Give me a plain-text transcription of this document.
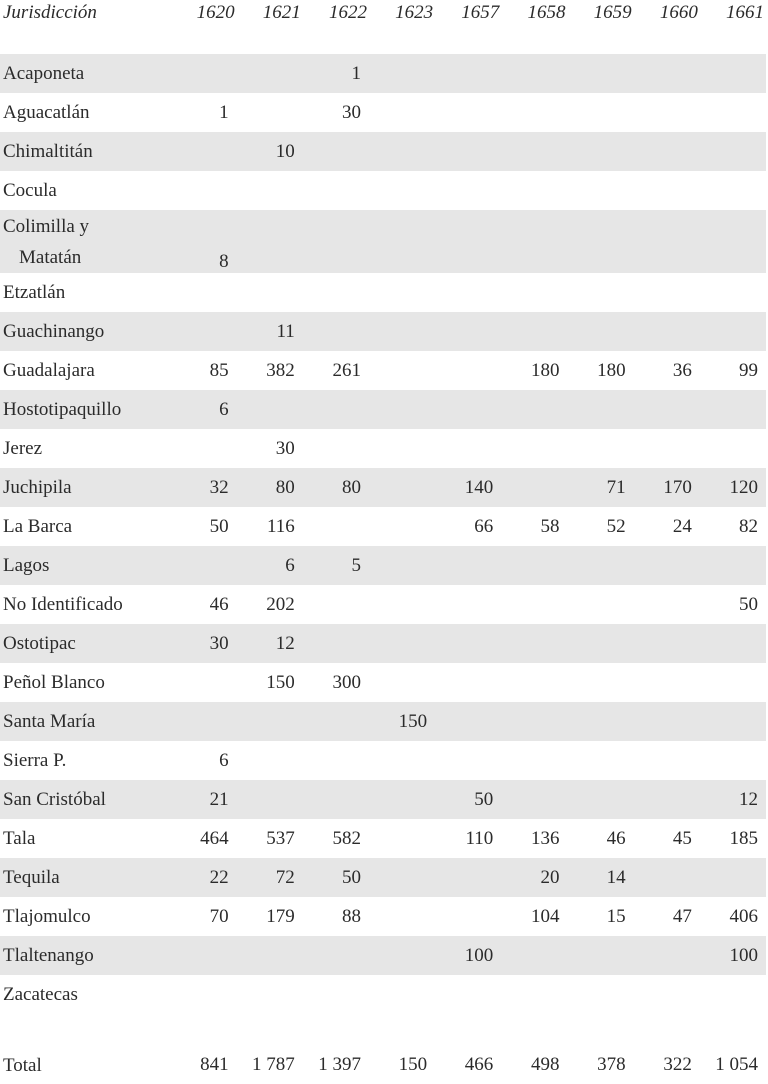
Jurisdicción	1620	1621	1622	1623	1657	1658	1659	1660	1661

Acaponeta			1						
Aguacatlán	1		30						
Chimaltitán		10							
Cocula									
Colimilla y
Matatán	8								
Etzatlán									
Guachinango		11							
Guadalajara	85	382	261			180	180	36	99
Hostotipaquillo	6								
Jerez		30							
Juchipila	32	80	80		140		71	170	120
La Barca	50	116			66	58	52	24	82
Lagos		6	5						
No Identificado	46	202							50
Ostotipac	30	12							
Peñol Blanco		150	300						
Santa María				150					
Sierra P.	6								
San Cristóbal	21				50				12
Tala	464	537	582		110	136	46	45	185
Tequila	22	72	50			20	14		
Tlajomulco	70	179	88			104	15	47	406
Tlaltenango					100				100
Zacatecas									

Total	841	1 787	1 397	150	466	498	378	322	1 054
